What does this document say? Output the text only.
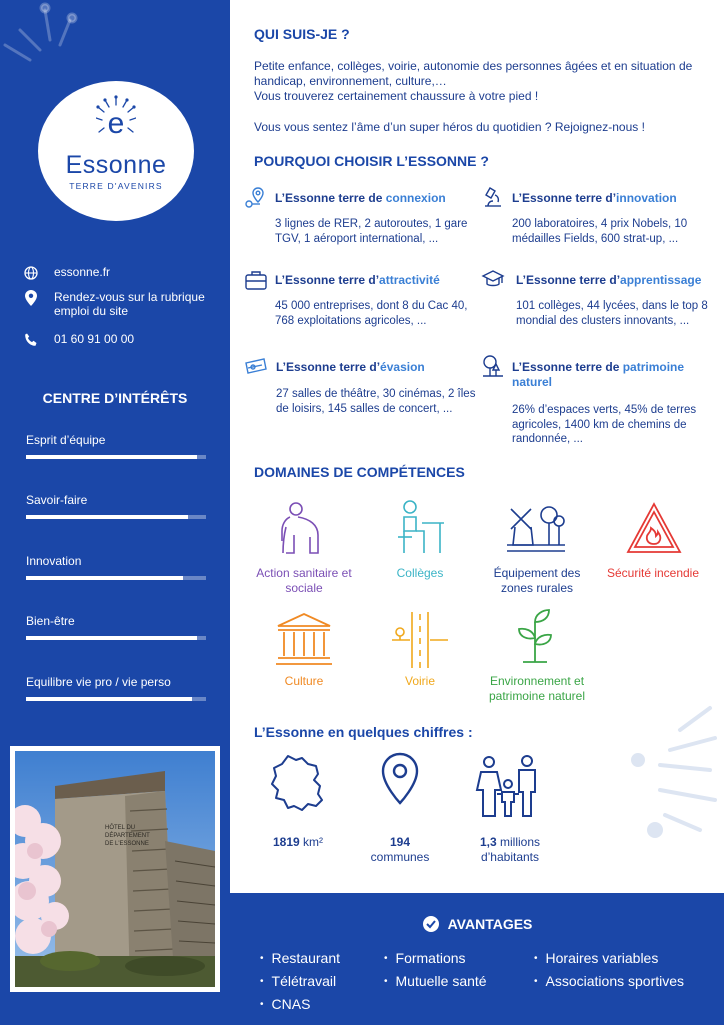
e
Essonne
TERRE D'AVENIRS
essonne.fr
Rendez-vous sur la rubrique emploi du site
01 60 91 00 00
CENTRE D’INTÉRÊTS
Esprit d’équipe
Savoir-faire
Innovation
Bien-être
Equilibre vie pro / vie perso
HÔTEL DU
DÉPARTEMENT
DE L'ESSONNE
QUI SUIS-JE ?
Petite enfance, collèges, voirie, autonomie des personnes âgées et en situation de handicap, environnement, culture,…
Vous trouverez certainement chaussure à votre pied !
Vous vous sentez l’âme d’un super héros du quotidien ? Rejoignez-nous !
POURQUOI CHOISIR L’ESSONNE ?
L’Essonne terre de connexion
3 lignes de RER, 2 autoroutes, 1 gare TGV, 1 aéroport international, ...
L’Essonne terre d’innovation
200 laboratoires, 4 prix Nobels, 10 médailles Fields, 600 strat-up, ...
L’Essonne terre d’attractivité
45 000 entreprises, dont 8 du Cac 40, 768 exploitations agricoles, ...
L’Essonne terre d’apprentissage
101 collèges, 44 lycées, dans le top 8 mondial des clusters innovants, ...
L’Essonne terre d’évasion
27 salles de théâtre, 30 cinémas, 2 îles de loisirs, 145 salles de concert, ...
L’Essonne terre de patrimoine naturel
26% d’espaces verts, 45% de terres agricoles, 1400 km de chemins de randonnée, ...
DOMAINES DE COMPÉTENCES
Action sanitaire et sociale
Collèges	Équipement des zones rurales
Sécurité incendie
Culture	Voirie	Environnement et patrimoine naturel
L’Essonne en quelques chiffres :
1819 km²	194
communes
1,3 millions d’habitants
AVANTAGES
• Restaurant
• Télétravail
• CNAS
• Formations
• Mutuelle santé
• Horaires variables
• Associations sportives
